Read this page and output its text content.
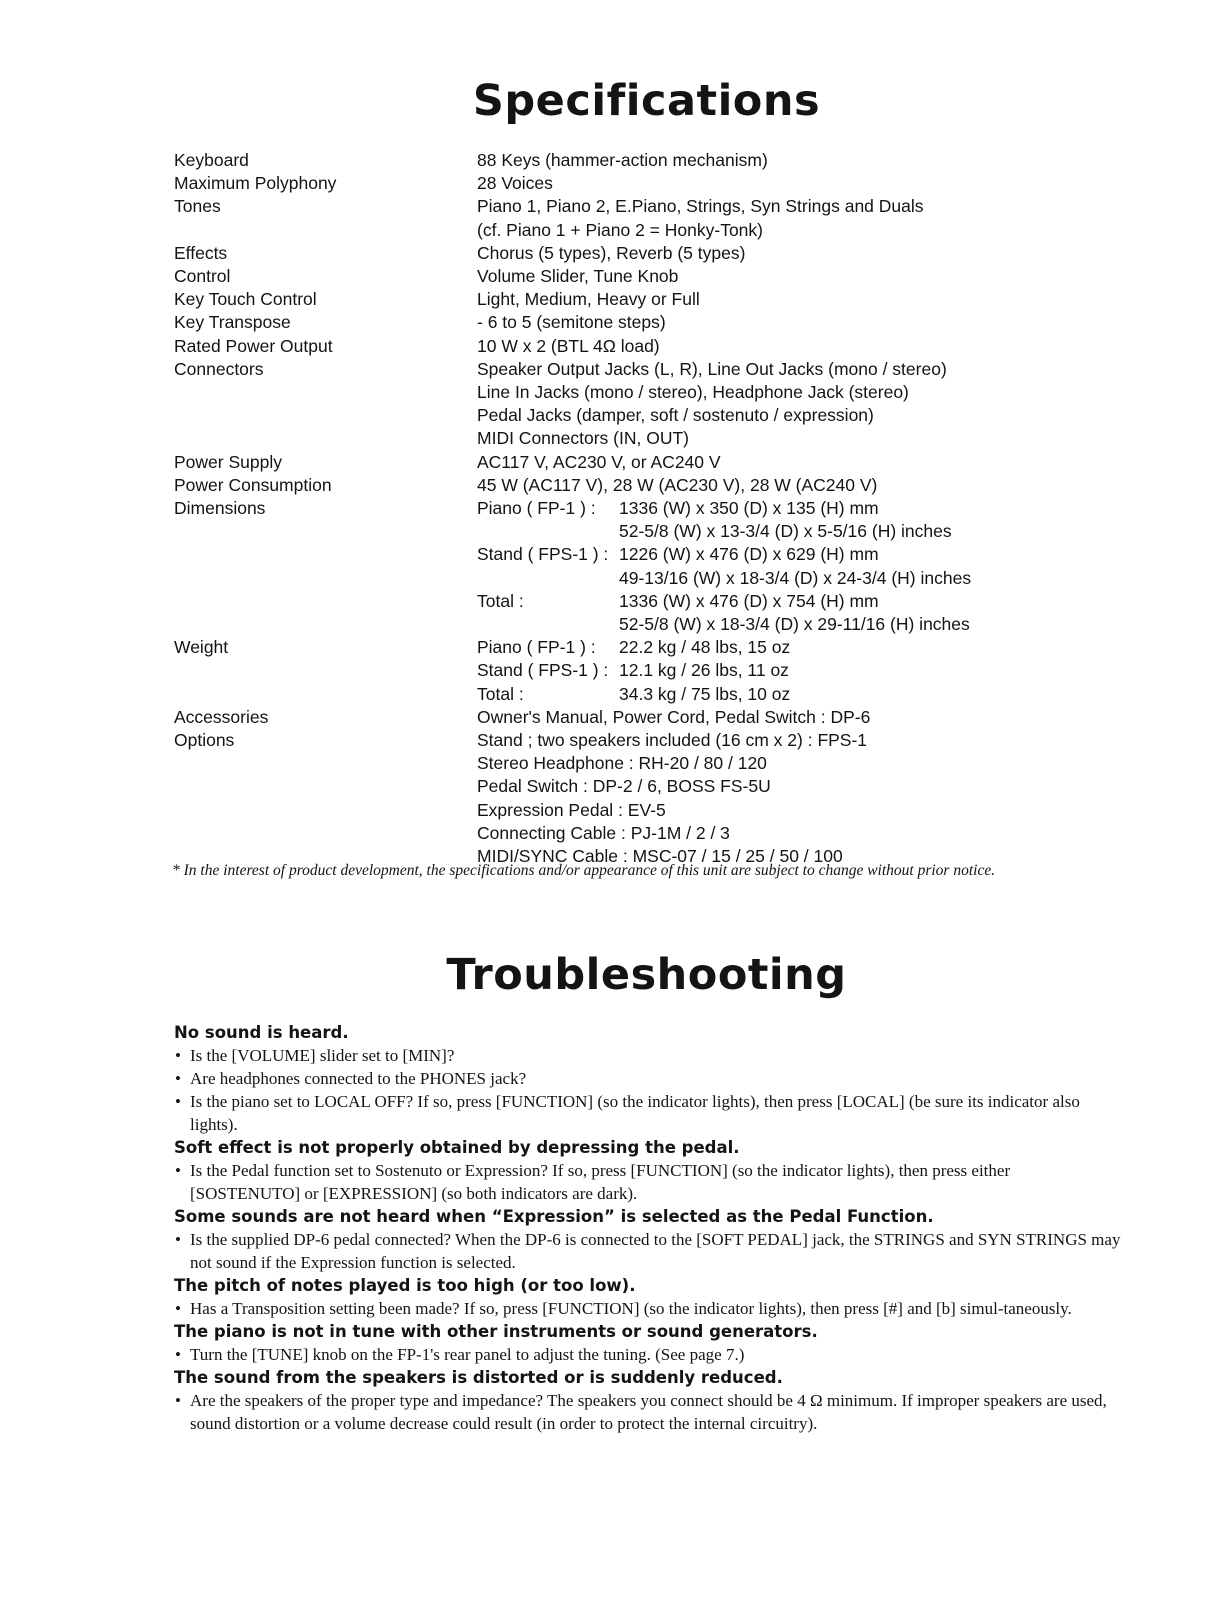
Specifications
Keyboard	88 Keys (hammer-action mechanism)
Maximum Polyphony	28 Voices
Tones	Piano 1, Piano 2, E.Piano, Strings, Syn Strings and Duals
(cf. Piano 1 + Piano 2 = Honky-Tonk)
Effects	Chorus (5 types), Reverb (5 types)
Control	Volume Slider, Tune Knob
Key Touch Control	Light, Medium, Heavy or Full
Key Transpose	- 6 to 5 (semitone steps)
Rated Power Output	10 W x 2 (BTL 4Ω load)
Connectors	Speaker Output Jacks (L, R), Line Out Jacks (mono / stereo)
Line In Jacks (mono / stereo), Headphone Jack (stereo)
Pedal Jacks (damper, soft / sostenuto / expression)
MIDI Connectors (IN, OUT)
Power Supply	AC117 V, AC230 V, or AC240 V
Power Consumption	45 W (AC117 V), 28 W (AC230 V), 28 W (AC240 V)
Dimensions	Piano ( FP-1 ) :	1336 (W) x 350 (D) x 135 (H) mm
52-5/8 (W) x 13-3/4 (D) x 5-5/16 (H) inches
Stand ( FPS-1 ) : 1226 (W) x 476 (D) x 629 (H) mm
49-13/16 (W) x 18-3/4 (D) x 24-3/4 (H) inches
Total :	1336 (W) x 476 (D) x 754 (H) mm
52-5/8 (W) x 18-3/4 (D) x 29-11/16 (H) inches
Weight	Piano ( FP-1 ) :	22.2 kg / 48 lbs, 15 oz
Stand ( FPS-1 ) : 12.1 kg / 26 lbs, 11 oz
Total :	34.3 kg / 75 lbs, 10 oz
Accessories	Owner's Manual, Power Cord, Pedal Switch : DP-6
Options	Stand ; two speakers included (16 cm x 2) : FPS-1
Stereo Headphone : RH-20 / 80 / 120
Pedal Switch : DP-2 / 6, BOSS FS-5U
Expression Pedal : EV-5
Connecting Cable : PJ-1M / 2 / 3
MIDI/SYNC Cable : MSC-07 / 15 / 25 / 50 / 100
* In the interest of product development, the specifications and/or appearance of this unit are subject to change without prior notice.
Troubleshooting

No sound is heard.

• Is the [VOLUME] slider set to [MIN]?

• Are headphones connected to the PHONES jack?

• Is the piano set to LOCAL OFF? If so, press [FUNCTION] (so the indicator lights), then press [LOCAL] (be sure its indicator also lights).

Soft effect is not properly obtained by depressing the pedal.

• Is the Pedal function set to Sostenuto or Expression? If so, press [FUNCTION] (so the indicator lights), then press either [SOSTENUTO] or [EXPRESSION] (so both indicators are dark).

Some sounds are not heard when “Expression” is selected as the Pedal Function.

• Is the supplied DP-6 pedal connected? When the DP-6 is connected to the [SOFT PEDAL] jack, the STRINGS and SYN STRINGS may not sound if the Expression function is selected.

The pitch of notes played is too high (or too low).

• Has a Transposition setting been made? If so, press [FUNCTION] (so the indicator lights), then press [#] and [b] simul-taneously.

The piano is not in tune with other instruments or sound generators.

• Turn the [TUNE] knob on the FP-1's rear panel to adjust the tuning. (See page 7.)

The sound from the speakers is distorted or is suddenly reduced.

• Are the speakers of the proper type and impedance? The speakers you connect should be 4 Ω minimum. If improper speakers are used, sound distortion or a volume decrease could result (in order to protect the internal circuitry).
